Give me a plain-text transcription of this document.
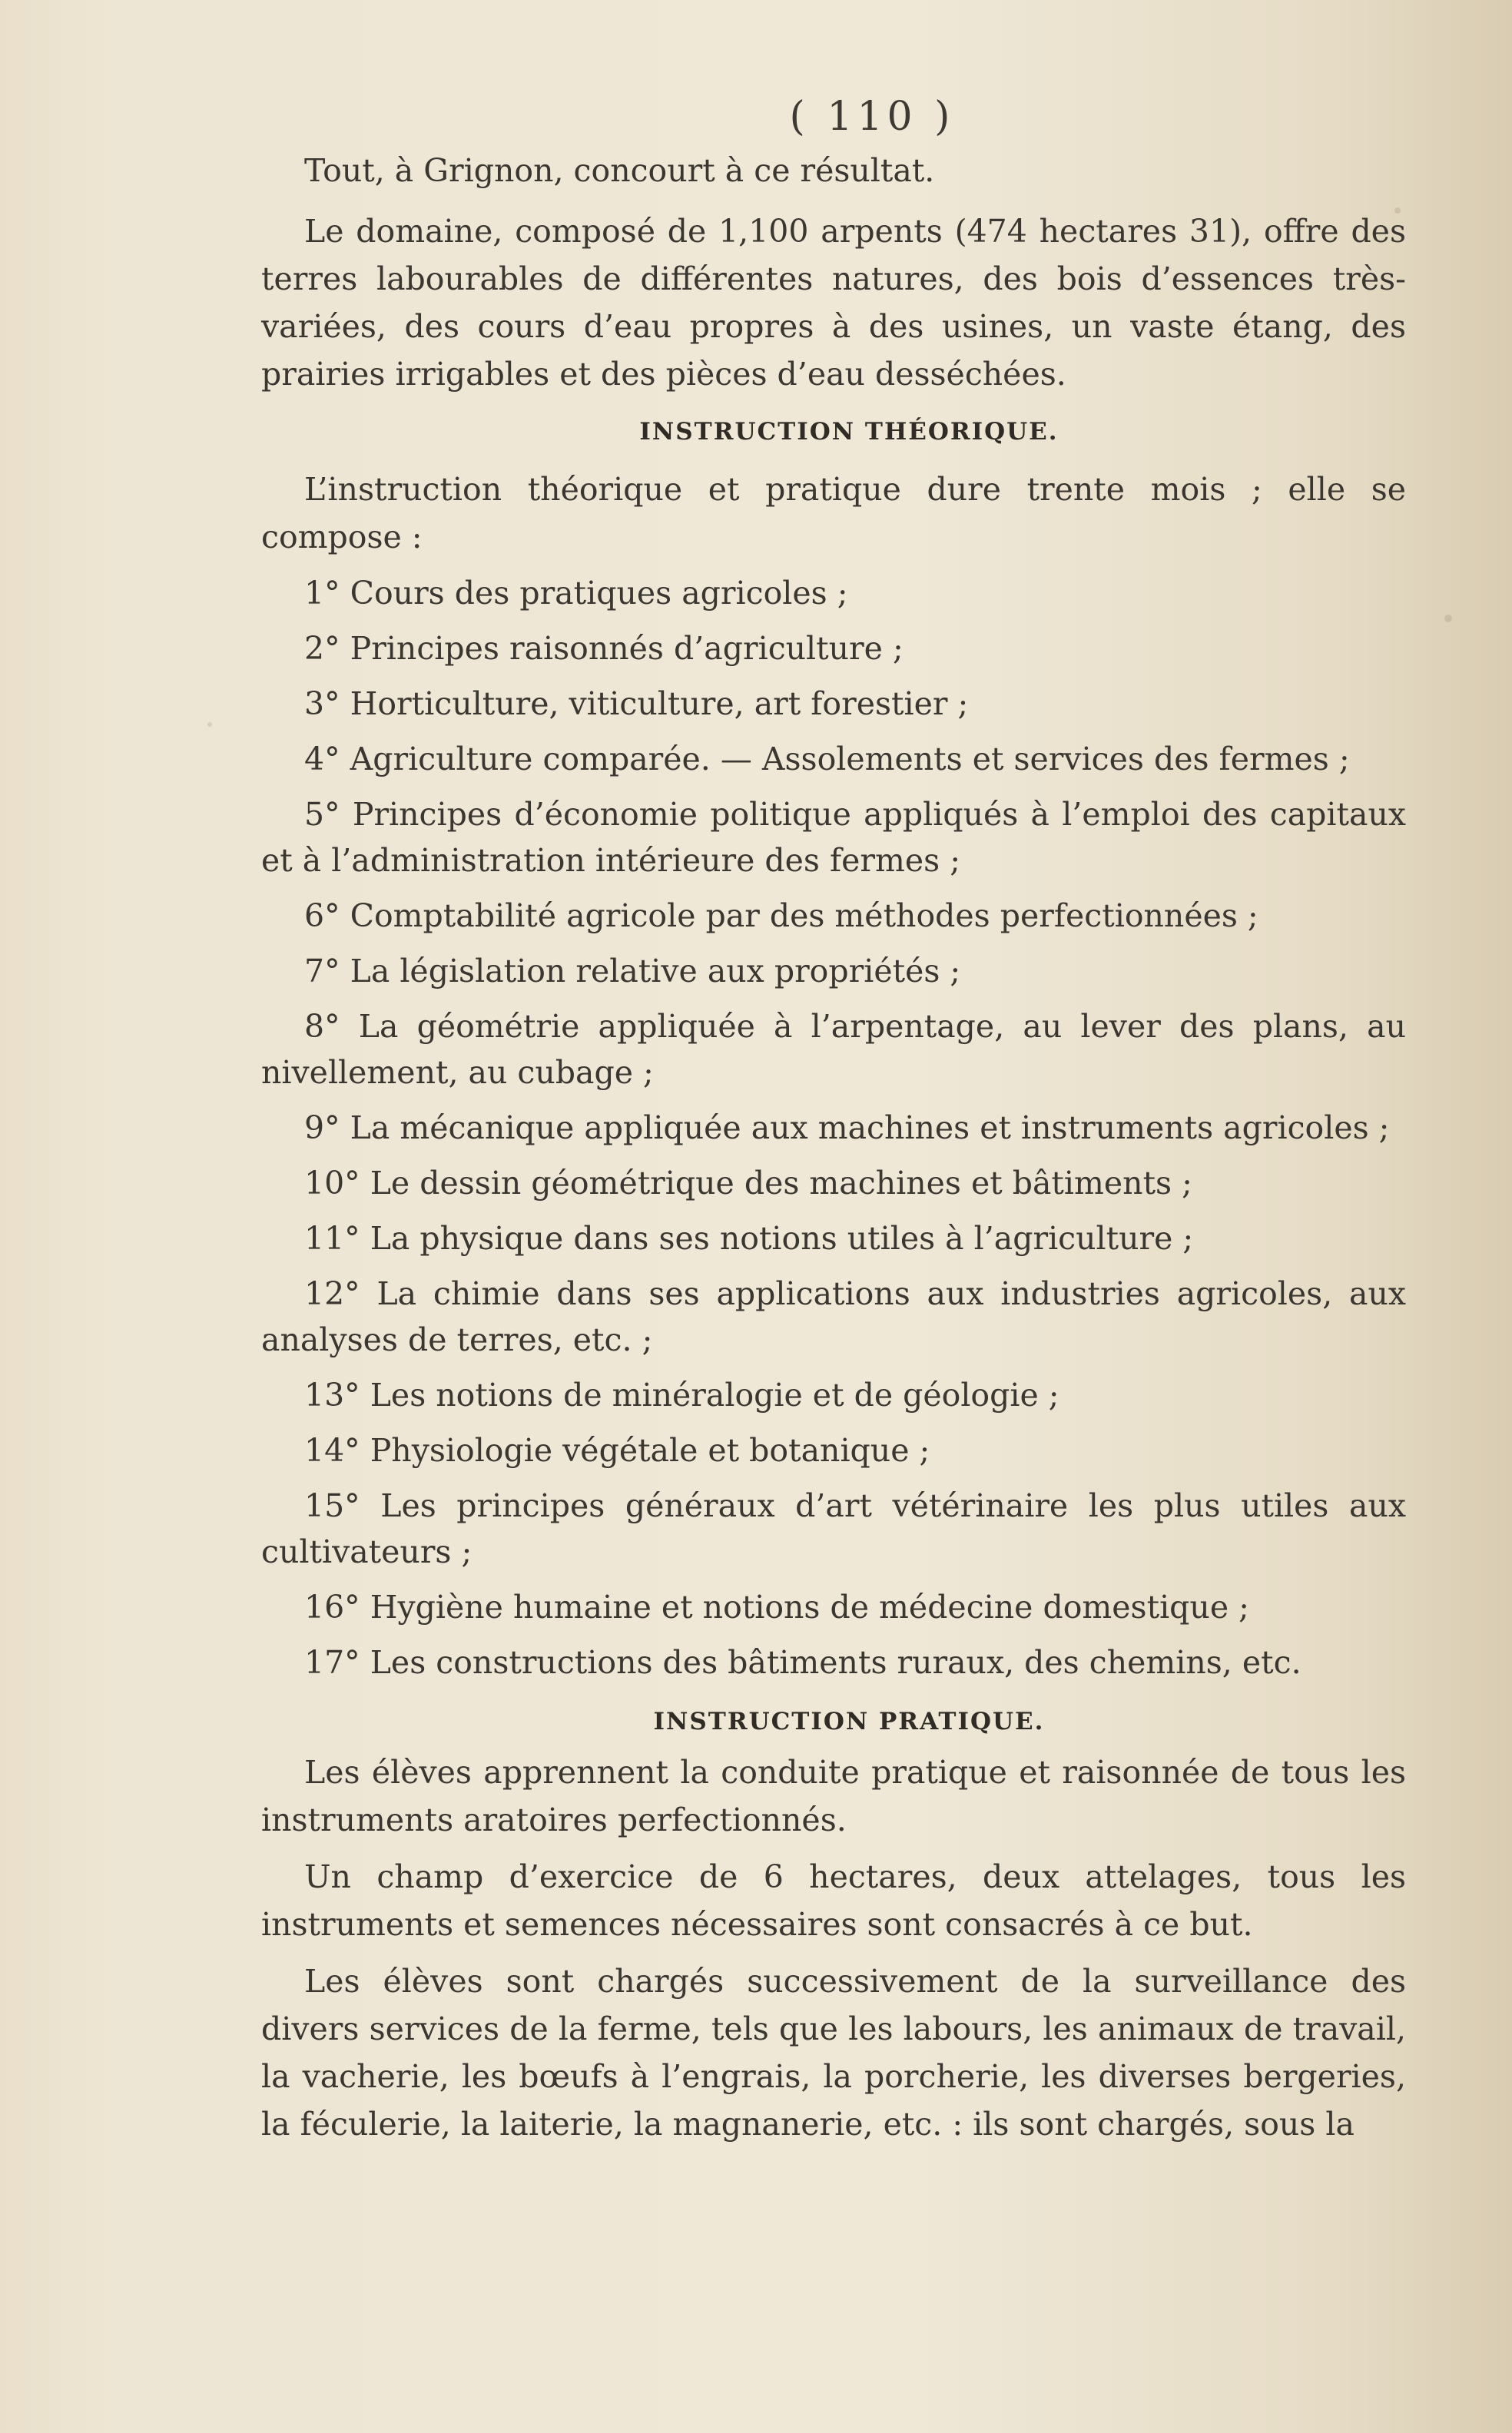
( 110 )

Tout, à Grignon, concourt à ce résultat.

Le domaine, composé de 1,100 arpents (474 hectares 31), offre des terres labourables de différentes natures, des bois d’essences très-variées, des cours d’eau propres à des usines, un vaste étang, des prairies irrigables et des pièces d’eau desséchées.

INSTRUCTION THÉORIQUE.

L’instruction théorique et pratique dure trente mois ; elle se compose :

1° Cours des pratiques agricoles ;

2° Principes raisonnés d’agriculture ;

3° Horticulture, viticulture, art forestier ;

4° Agriculture comparée. — Assolements et services des fermes ;

5° Principes d’économie politique appliqués à l’emploi des capitaux et à l’administration intérieure des fermes ;

6° Comptabilité agricole par des méthodes perfectionnées ;

7° La législation relative aux propriétés ;

8° La géométrie appliquée à l’arpentage, au lever des plans, au nivellement, au cubage ;

9° La mécanique appliquée aux machines et instruments agricoles ;

10° Le dessin géométrique des machines et bâtiments ;

11° La physique dans ses notions utiles à l’agriculture ;

12° La chimie dans ses applications aux industries agricoles, aux analyses de terres, etc. ;

13° Les notions de minéralogie et de géologie ;

14° Physiologie végétale et botanique ;

15° Les principes généraux d’art vétérinaire les plus utiles aux cultivateurs ;

16° Hygiène humaine et notions de médecine domestique ;

17° Les constructions des bâtiments ruraux, des chemins, etc.

INSTRUCTION PRATIQUE.

Les élèves apprennent la conduite pratique et raisonnée de tous les instruments aratoires perfectionnés.

Un champ d’exercice de 6 hectares, deux attelages, tous les instruments et semences nécessaires sont consacrés à ce but.

Les élèves sont chargés successivement de la surveillance des divers services de la ferme, tels que les labours, les animaux de travail, la vacherie, les bœufs à l’engrais, la porcherie, les diverses bergeries, la féculerie, la laiterie, la magnanerie, etc. : ils sont chargés, sous la
